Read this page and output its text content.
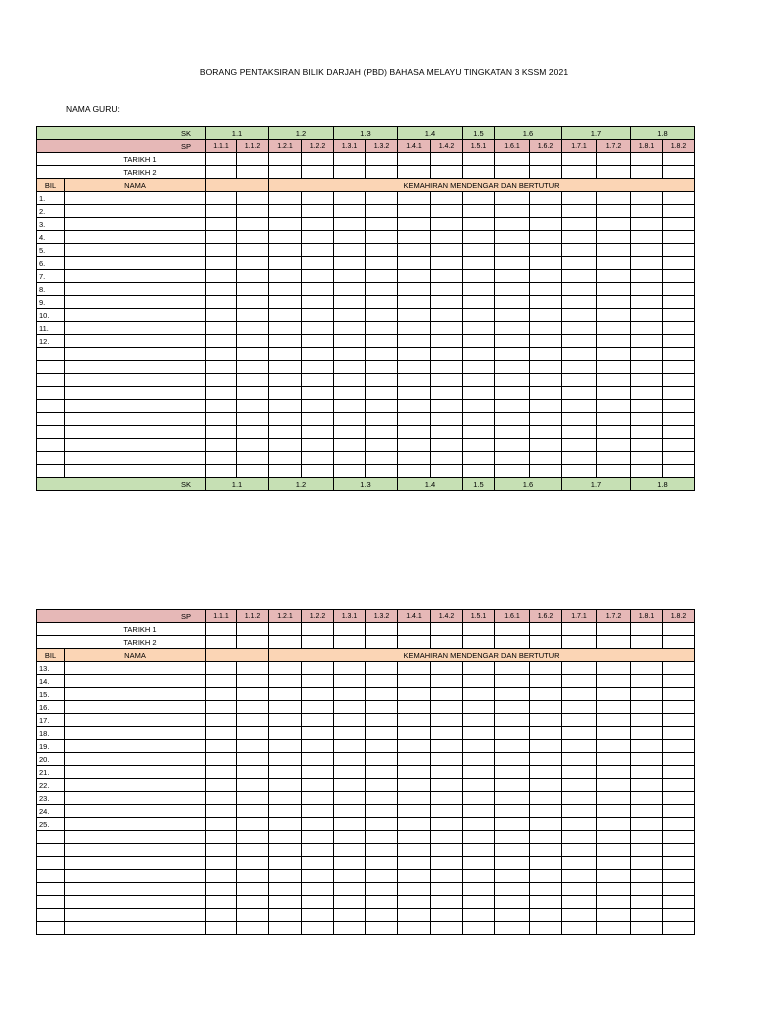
BORANG PENTAKSIRAN BILIK DARJAH (PBD) BAHASA MELAYU TINGKATAN 3 KSSM 2021
NAMA GURU:
SK		1.1		1.2		1.3		1.4		1.5	1.6		1.7		1.8	
SP		1.1.1	1.1.2	1.2.1	1.2.2	1.3.1	1.3.2	1.4.1	1.4.2	1.5.1	1.6.1	1.6.2	1.7.1	1.7.2	1.8.1	1.8.2
TARIKH 1																
TARIKH 2																
BIL	NAMA			KEMAHIRAN MENDENGAR DAN BERTUTUR												
1.																
2.																
3.																
4.																
5.																
6.																
7.																
8.																
9.																
10.																
11.																
12.																

SK		1.1		1.2		1.3		1.4		1.5	1.6		1.7		1.8	
SP		1.1.1	1.1.2	1.2.1	1.2.2	1.3.1	1.3.2	1.4.1	1.4.2	1.5.1	1.6.1	1.6.2	1.7.1	1.7.2	1.8.1	1.8.2
TARIKH 1																
TARIKH 2																
BIL	NAMA			KEMAHIRAN MENDENGAR DAN BERTUTUR												
13.																
14.																
15.																
16.																
17.																
18.																
19.																
20.																
21.																
22.																
23.																
24.																
25.																
